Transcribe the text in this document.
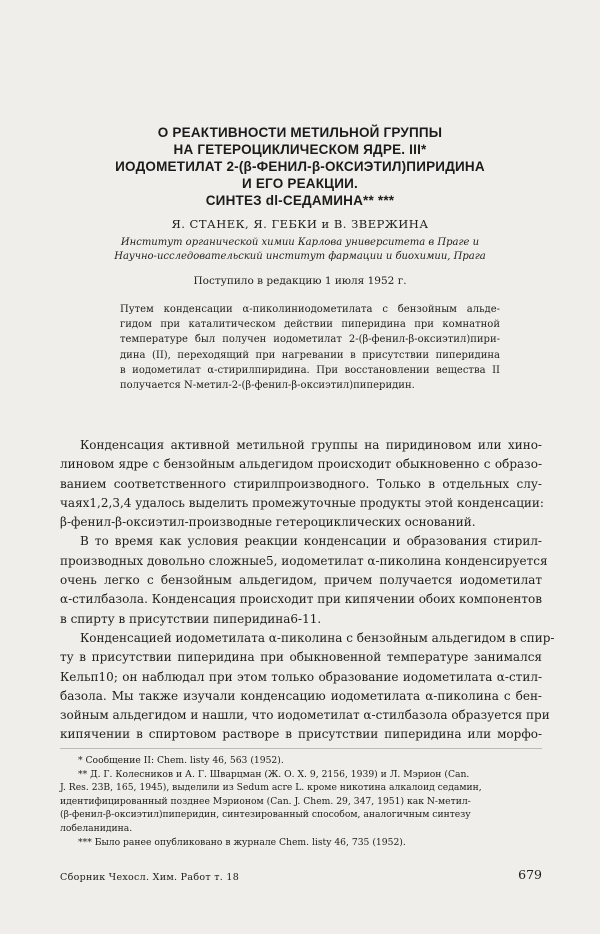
О РЕАКТИВНОСТИ МЕТИЛЬНОЙ ГРУППЫ
НА ГЕТЕРОЦИКЛИЧЕСКОМ ЯДРЕ. III*
ИОДОМЕТИЛАТ 2-(β-ФЕНИЛ-β-ОКСИЭТИЛ)ПИРИДИНА
И ЕГО РЕАКЦИИ.
СИНТЕЗ dl-СЕДАМИНА** ***
Я. СТАНЕК, Я. ГЕБКИ и В. ЗВЕРЖИНА
Институт органической химии Карлова университета в Праге и
Научно-исследовательский институт фармации и биохимии, Прага
Поступило в редакцию 1 июля 1952 г.
Путем конденсации α-пиколиниодометилата с бензойным альде-
гидом при каталитическом действии пиперидина при комнатной
температуре был получен иодометилат 2-(β-фенил-β-оксиэтил)пири-
дина (II), переходящий при нагревании в присутствии пиперидина
в иодометилат α-стирилпиридина. При восстановлении вещества II
получается N-метил-2-(β-фенил-β-оксиэтил)пиперидин.
Конденсация активной метильной группы на пиридиновом или хино-
линовом ядре с бензойным альдегидом происходит обыкновенно с образо-
ванием соответственного стирилпроизводного. Только в отдельных слу-
чаях1,2,3,4 удалось выделить промежуточные продукты этой конденсации:
β-фенил-β-оксиэтил-производные гетероциклических оснований.
В то время как условия реакции конденсации и образования стирил-
производных довольно сложные5, иодометилат α-пиколина конденсируется
очень легко с бензойным альдегидом, причем получается иодометилат
α-стилбазола. Конденсация происходит при кипячении обоих компонентов
в спирту в присутствии пиперидина6-11.
Конденсацией иодометилата α-пиколина с бензойным альдегидом в спир-
ту в присутствии пиперидина при обыкновенной температуре занимался
Кельп10; он наблюдал при этом только образование иодометилата α-стил-
базола. Мы также изучали конденсацию иодометилата α-пиколина с бен-
зойным альдегидом и нашли, что иодометилат α-стилбазола образуется при
кипячении в спиртовом растворе в присутствии пиперидина или морфо-
* Сообщение II: Chem. listy 46, 563 (1952).
** Д. Г. Колесников и А. Г. Шварцман (Ж. О. Х. 9, 2156, 1939) и Л. Мэрион (Can.
J. Res. 23B, 165, 1945), выделили из Sedum acre L. кроме никотина алкалоид седамин,
идентифицированный позднее Мэрионом (Can. J. Chem. 29, 347, 1951) как N-метил-
(β-фенил-β-оксиэтил)пиперидин, синтезированный способом, аналогичным синтезу
лобеланидина.
*** Было ранее опубликовано в журнале Chem. listy 46, 735 (1952).
Сборник Чехосл. Хим. Работ т. 18	679
